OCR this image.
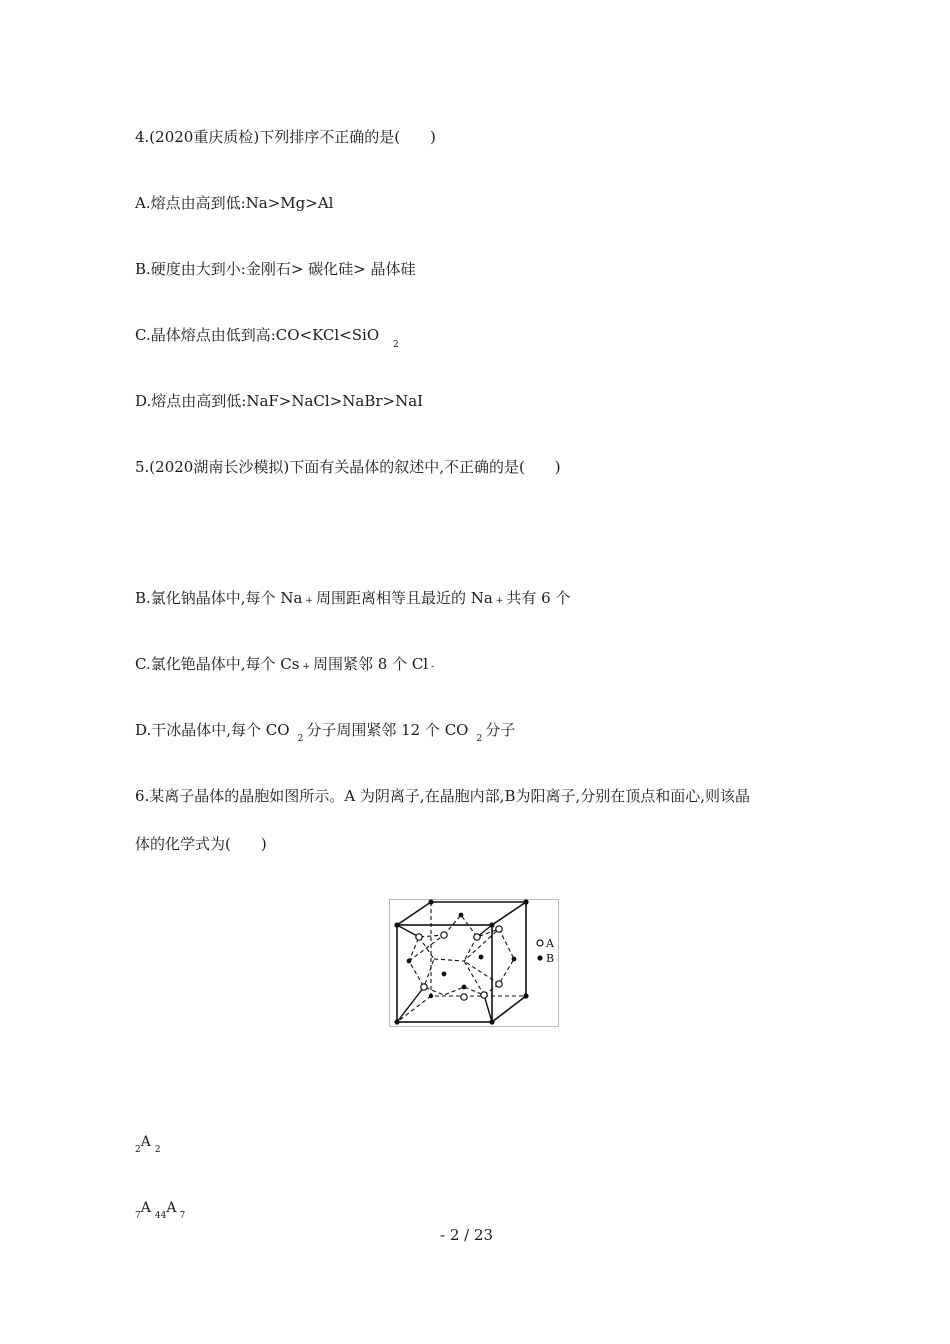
4.(2020重庆质检)下列排序不正确的是(　　)
A.熔点由高到低:Na>Mg>Al
B.硬度由大到小:金刚石> 碳化硅> 晶体硅
C.晶体熔点由低到高:CO<KCl<SiO
2
D.熔点由高到低:NaF>NaCl>NaBr>NaI
5.(2020湖南长沙模拟)下面有关晶体的叙述中,不正确的是(　　)
B.氯化钠晶体中,每个 Na + 周围距离相等且最近的 Na + 共有 6 个
C.氯化铯晶体中,每个 Cs + 周围紧邻 8 个 Cl -
D.干冰晶体中,每个 CO $_2$ 分子周围紧邻 12 个 CO $_2$ 分子
6.某离子晶体的晶胞如图所示。A 为阴离子,在晶胞内部,B为阳离子,分别在顶点和面心,则该晶
体的化学式为(　　)
A
B
$_2$A $_2$
$_7$A $_{44}$A $_7$
- 2 / 23
